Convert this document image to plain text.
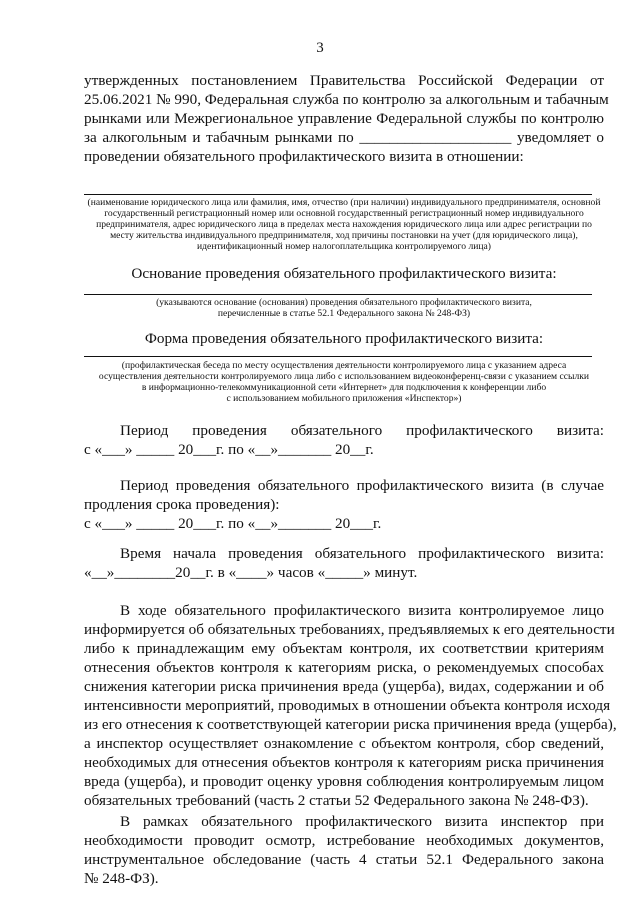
3
утвержденных постановлением Правительства Российской Федерации от
25.06.2021 № 990, Федеральная служба по контролю за алкогольным и табачным
рынками или Межрегиональное управление Федеральной службы по контролю
за алкогольным и табачным рынками по ____________________ уведомляет о
проведении обязательного профилактического визита в отношении:
(наименование юридического лица или фамилия, имя, отчество (при наличии) индивидуального предпринимателя, основной
государственный регистрационный номер или основной государственный регистрационный номер индивидуального
предпринимателя, адрес юридического лица в пределах места нахождения юридического лица или адрес регистрации по
месту жительства индивидуального предпринимателя, ход причины постановки на учет (для юридического лица),
идентификационный номер налогоплательщика контролируемого лица)
Основание проведения обязательного профилактического визита:
(указываются основание (основания) проведения обязательного профилактического визита,
перечисленные в статье 52.1 Федерального закона № 248-ФЗ)
Форма проведения обязательного профилактического визита:
(профилактическая беседа по месту осуществления деятельности контролируемого лица с указанием адреса
осуществления деятельности контролируемого лица либо с использованием видеоконференц-связи с указанием ссылки
в информационно-телекоммуникационной сети «Интернет» для подключения к конференции либо
с использованием мобильного приложения «Инспектор»)
Период проведения обязательного профилактического визита:
с «___» _____ 20___г. по «__»_______ 20__г.
Период проведения обязательного профилактического визита (в случае
продления срока проведения):
с «___» _____ 20___г. по «__»_______ 20___г.
Время начала проведения обязательного профилактического визита:
«__»________20__г. в «____» часов «_____» минут.
В ходе обязательного профилактического визита контролируемое лицо
информируется об обязательных требованиях, предъявляемых к его деятельности
либо к принадлежащим ему объектам контроля, их соответствии критериям
отнесения объектов контроля к категориям риска, о рекомендуемых способах
снижения категории риска причинения вреда (ущерба), видах, содержании и об
интенсивности мероприятий, проводимых в отношении объекта контроля исходя
из его отнесения к соответствующей категории риска причинения вреда (ущерба),
а инспектор осуществляет ознакомление с объектом контроля, сбор сведений,
необходимых для отнесения объектов контроля к категориям риска причинения
вреда (ущерба), и проводит оценку уровня соблюдения контролируемым лицом
обязательных требований (часть 2 статьи 52 Федерального закона № 248-ФЗ).
В рамках обязательного профилактического визита инспектор при
необходимости проводит осмотр, истребование необходимых документов,
инструментальное обследование (часть 4 статьи 52.1 Федерального закона
№ 248-ФЗ).
